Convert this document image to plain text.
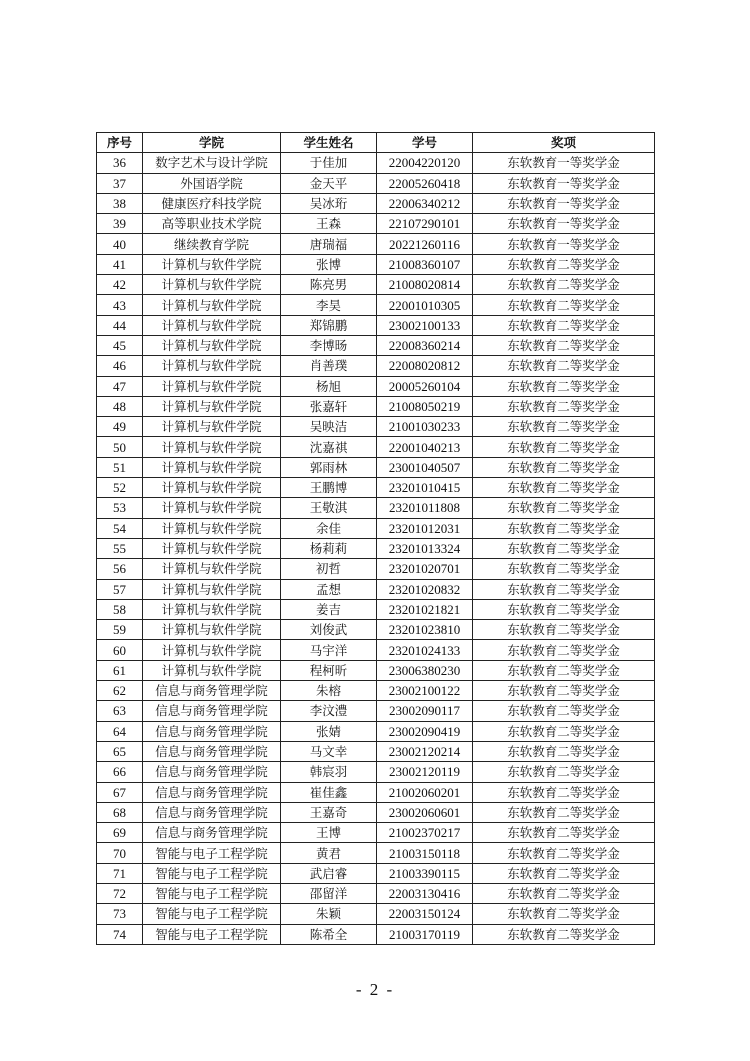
序号	学院	学生姓名	学号	奖项
36	数字艺术与设计学院	于佳加	22004220120	东软教育一等奖学金
37	外国语学院	金天平	22005260418	东软教育一等奖学金
38	健康医疗科技学院	吴冰珩	22006340212	东软教育一等奖学金
39	高等职业技术学院	王森	22107290101	东软教育一等奖学金
40	继续教育学院	唐瑞福	20221260116	东软教育一等奖学金
41	计算机与软件学院	张博	21008360107	东软教育二等奖学金
42	计算机与软件学院	陈亮男	21008020814	东软教育二等奖学金
43	计算机与软件学院	李昊	22001010305	东软教育二等奖学金
44	计算机与软件学院	郑锦鹏	23002100133	东软教育二等奖学金
45	计算机与软件学院	李博旸	22008360214	东软教育二等奖学金
46	计算机与软件学院	肖善璞	22008020812	东软教育二等奖学金
47	计算机与软件学院	杨旭	20005260104	东软教育二等奖学金
48	计算机与软件学院	张嘉轩	21008050219	东软教育二等奖学金
49	计算机与软件学院	吴映洁	21001030233	东软教育二等奖学金
50	计算机与软件学院	沈嘉祺	22001040213	东软教育二等奖学金
51	计算机与软件学院	郭雨林	23001040507	东软教育二等奖学金
52	计算机与软件学院	王鹏博	23201010415	东软教育二等奖学金
53	计算机与软件学院	王敬淇	23201011808	东软教育二等奖学金
54	计算机与软件学院	余佳	23201012031	东软教育二等奖学金
55	计算机与软件学院	杨莉莉	23201013324	东软教育二等奖学金
56	计算机与软件学院	初哲	23201020701	东软教育二等奖学金
57	计算机与软件学院	孟想	23201020832	东软教育二等奖学金
58	计算机与软件学院	姜吉	23201021821	东软教育二等奖学金
59	计算机与软件学院	刘俊武	23201023810	东软教育二等奖学金
60	计算机与软件学院	马宇洋	23201024133	东软教育二等奖学金
61	计算机与软件学院	程柯昕	23006380230	东软教育二等奖学金
62	信息与商务管理学院	朱榕	23002100122	东软教育二等奖学金
63	信息与商务管理学院	李汶澧	23002090117	东软教育二等奖学金
64	信息与商务管理学院	张婧	23002090419	东软教育二等奖学金
65	信息与商务管理学院	马文幸	23002120214	东软教育二等奖学金
66	信息与商务管理学院	韩宸羽	23002120119	东软教育二等奖学金
67	信息与商务管理学院	崔佳鑫	21002060201	东软教育二等奖学金
68	信息与商务管理学院	王嘉奇	23002060601	东软教育二等奖学金
69	信息与商务管理学院	王博	21002370217	东软教育二等奖学金
70	智能与电子工程学院	黄君	21003150118	东软教育二等奖学金
71	智能与电子工程学院	武启睿	21003390115	东软教育二等奖学金
72	智能与电子工程学院	邵留洋	22003130416	东软教育二等奖学金
73	智能与电子工程学院	朱颖	22003150124	东软教育二等奖学金
74	智能与电子工程学院	陈希全	21003170119	东软教育二等奖学金
- 2 -
